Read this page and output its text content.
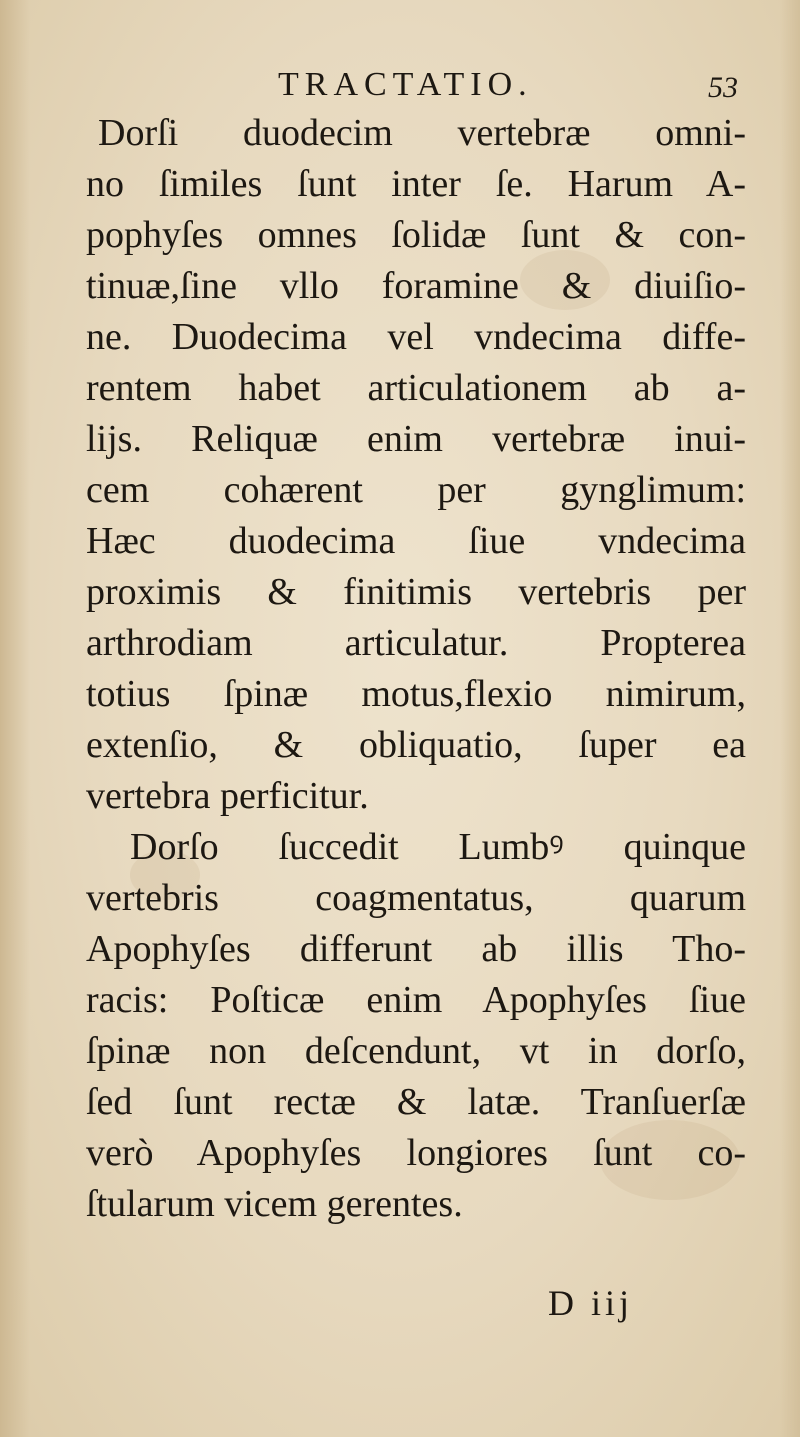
TRACTATIO.	53
Dorſi duodecim vertebræ omni-
no ſimiles ſunt inter ſe. Harum A-
pophyſes omnes ſolidæ ſunt & con-
tinuæ,ſine vllo foramine & diuiſio-
ne. Duodecima vel vndecima diffe-
rentem habet articulationem ab a-
lijs. Reliquæ enim vertebræ inui-
cem cohærent per gynglimum:
Hæc duodecima ſiue vndecima
proximis & finitimis vertebris per
arthrodiam articulatur. Propterea
totius ſpinæ motus,flexio nimirum,
extenſio, & obliquatio, ſuper ea
vertebra perficitur.
Dorſo ſuccedit Lumbꝰ quinque
vertebris coagmentatus, quarum
Apophyſes differunt ab illis Tho-
racis: Poſticæ enim Apophyſes ſiue
ſpinæ non deſcendunt, vt in dorſo,
ſed ſunt rectæ & latæ. Tranſuerſæ
verò Apophyſes longiores ſunt co-
ſtularum vicem gerentes.
D iij
